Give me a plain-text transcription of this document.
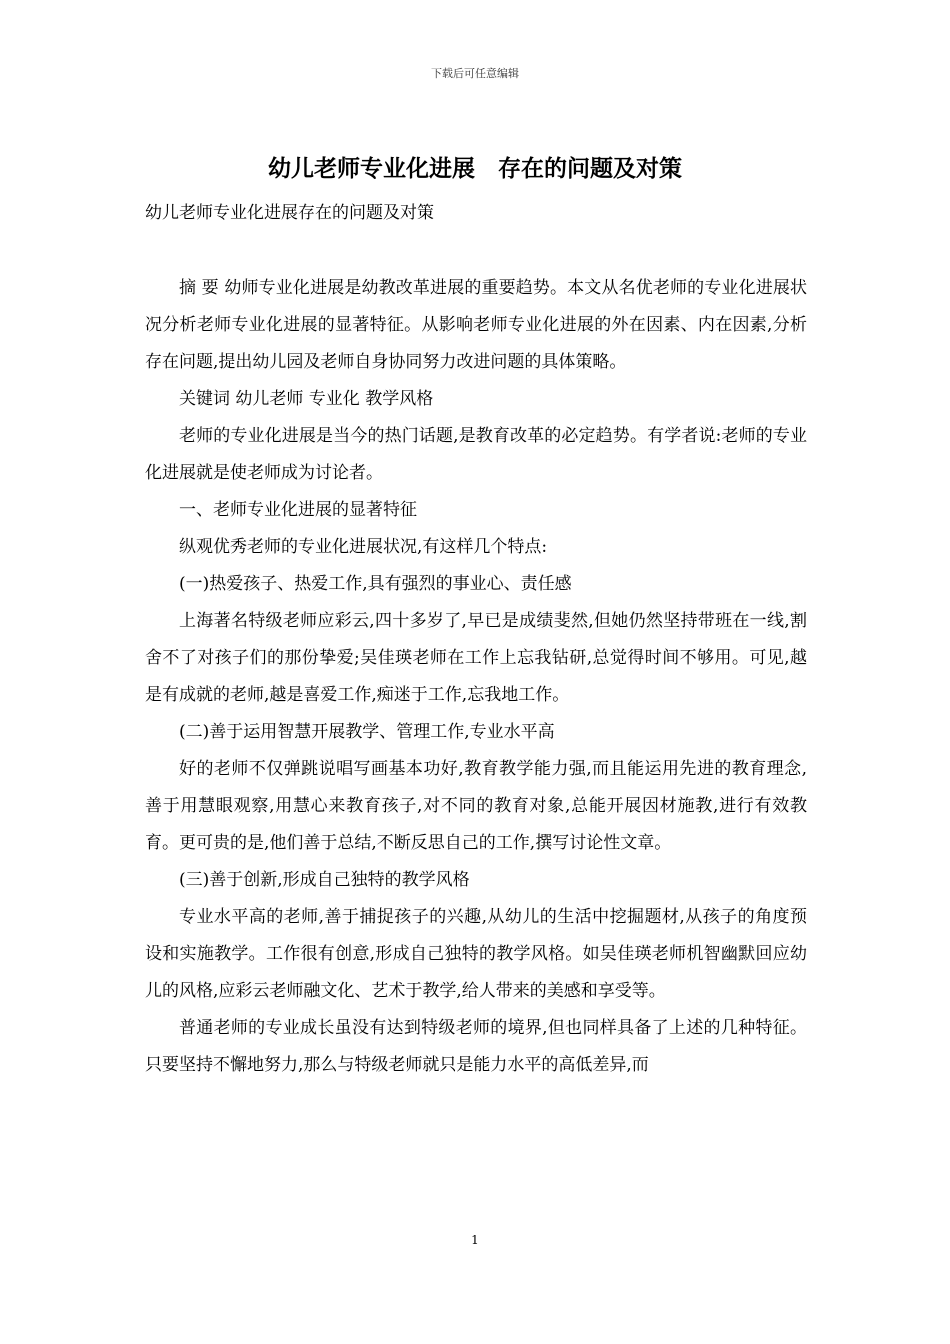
下载后可任意编辑
幼儿老师专业化进展　存在的问题及对策
幼儿老师专业化进展存在的问题及对策

摘 要 幼师专业化进展是幼教改革进展的重要趋势。本文从名优老师的专业化进展状况分析老师专业化进展的显著特征。从影响老师专业化进展的外在因素、内在因素,分析存在问题,提出幼儿园及老师自身协同努力改进问题的具体策略。

关键词 幼儿老师 专业化 教学风格

老师的专业化进展是当今的热门话题,是教育改革的必定趋势。有学者说:老师的专业化进展就是使老师成为讨论者。

一、老师专业化进展的显著特征

纵观优秀老师的专业化进展状况,有这样几个特点:

(一)热爱孩子、热爱工作,具有强烈的事业心、责任感

上海著名特级老师应彩云,四十多岁了,早已是成绩斐然,但她仍然坚持带班在一线,割舍不了对孩子们的那份挚爱;吴佳瑛老师在工作上忘我钻研,总觉得时间不够用。可见,越是有成就的老师,越是喜爱工作,痴迷于工作,忘我地工作。

(二)善于运用智慧开展教学、管理工作,专业水平高

好的老师不仅弹跳说唱写画基本功好,教育教学能力强,而且能运用先进的教育理念,善于用慧眼观察,用慧心来教育孩子,对不同的教育对象,总能开展因材施教,进行有效教育。更可贵的是,他们善于总结,不断反思自己的工作,撰写讨论性文章。

(三)善于创新,形成自己独特的教学风格

专业水平高的老师,善于捕捉孩子的兴趣,从幼儿的生活中挖掘题材,从孩子的角度预设和实施教学。工作很有创意,形成自己独特的教学风格。如吴佳瑛老师机智幽默回应幼儿的风格,应彩云老师融文化、艺术于教学,给人带来的美感和享受等。

普通老师的专业成长虽没有达到特级老师的境界,但也同样具备了上述的几种特征。只要坚持不懈地努力,那么与特级老师就只是能力水平的高低差异,而

1
